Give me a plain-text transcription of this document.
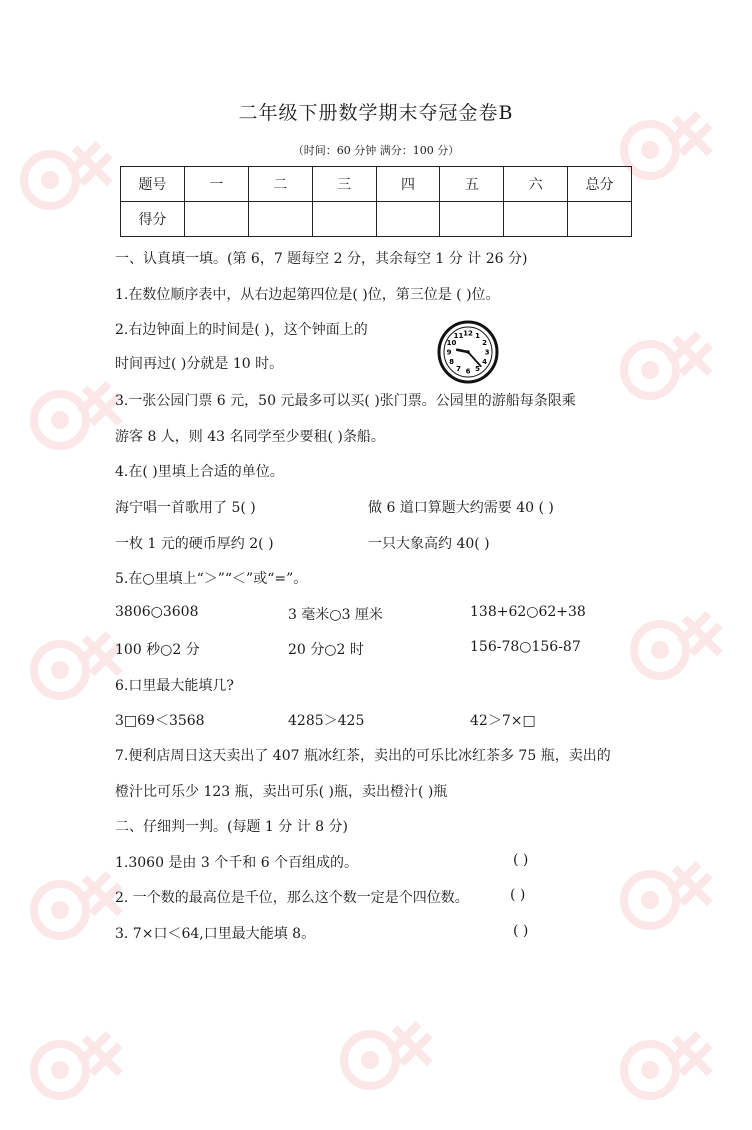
二年级下册数学期末夺冠金卷B
（时间：60 分钟 满分：100 分）
题号	一	二	三	四	五	六	总分
得分							
一、认真填一填。(第 6，7 题每空 2 分，其余每空 1 分 计 26 分)
1.在数位顺序表中，从右边起第四位是( )位，第三位是 ( )位。
2.右边钟面上的时间是( )，这个钟面上的
时间再过( )分就是 10 时。
12 1
2
3
4
5
6
7
8
9
10
11
3.一张公园门票 6 元，50 元最多可以买( )张门票。公园里的游船每条限乘
游客 8 人，则 43 名同学至少要租( )条船。
4.在( )里填上合适的单位。
海宁唱一首歌用了 5( )	做 6 道口算题大约需要 40 ( )
一枚 1 元的硬币厚约 2( )	一只大象高约 40( )
5.在○里填上“＞”“＜”或“=”。
3806○3608	3 毫米○3 厘米	138+62○62+38
100 秒○2 分	20 分○2 时	156-78○156-87
6.口里最大能填几?
3□69＜3568	4285＞425	42＞7×□
7.便利店周日这天卖出了 407 瓶冰红茶，卖出的可乐比冰红茶多 75 瓶，卖出的
橙汁比可乐少 123 瓶，卖出可乐( )瓶，卖出橙汁( )瓶
二、仔细判一判。(每题 1 分 计 8 分)
1.3060 是由 3 个千和 6 个百组成的。	( )
2. 一个数的最高位是千位，那么这个数一定是个四位数。	( )
3. 7×口＜64,口里最大能填 8。	( )
